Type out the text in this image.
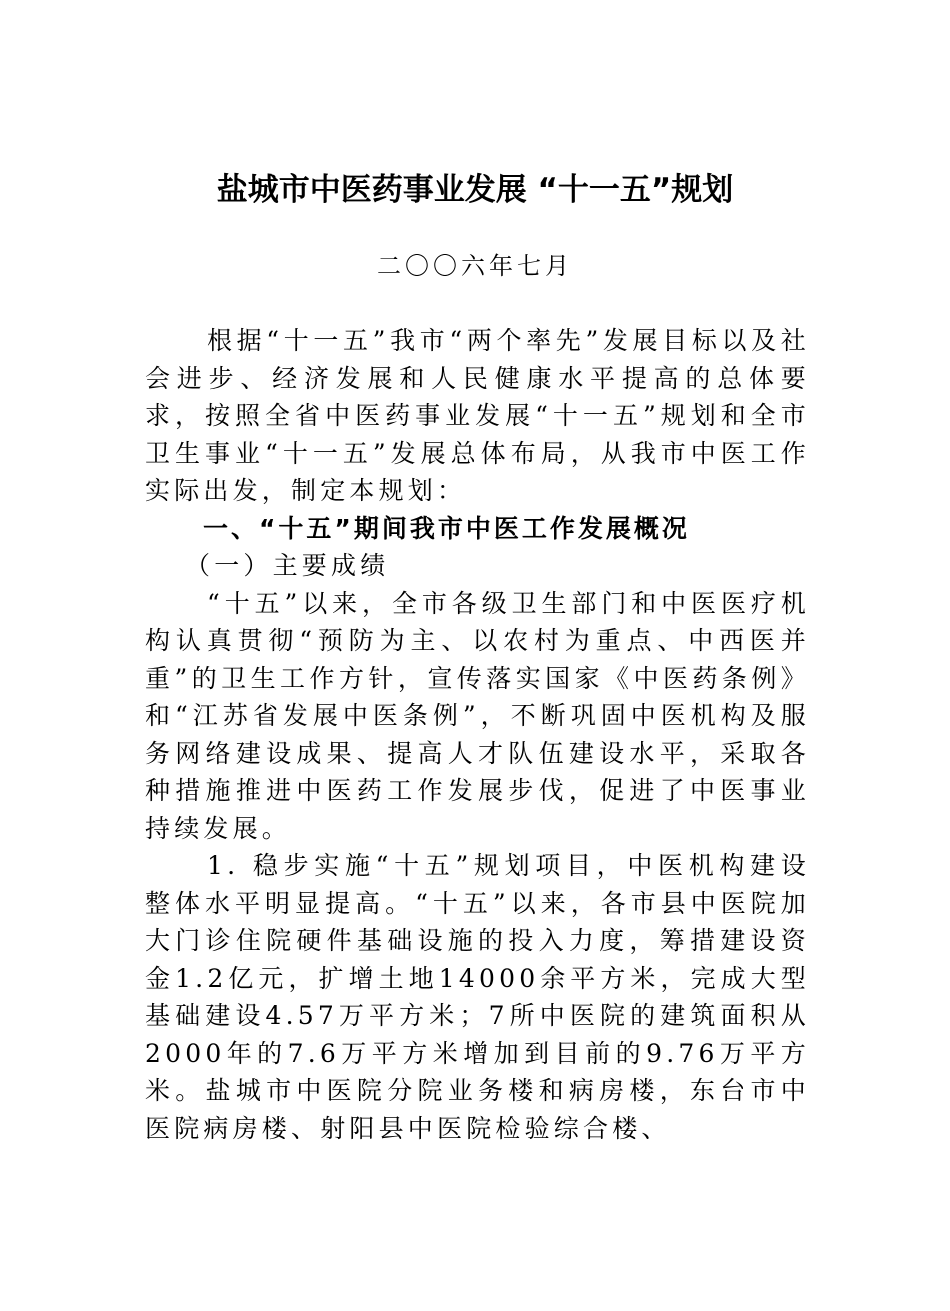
盐城市中医药事业发展 “十一五”规划
二〇〇六年七月

根据“十一五”我市“两个率先”发展目标以及社会进步、经济发展和人民健康水平提高的总体要求，按照全省中医药事业发展“十一五”规划和全市卫生事业“十一五”发展总体布局，从我市中医工作实际出发，制定本规划：

一、“十五”期间我市中医工作发展概况

（一）主要成绩

“十五”以来，全市各级卫生部门和中医医疗机构认真贯彻“预防为主、以农村为重点、中西医并重”的卫生工作方针，宣传落实国家《中医药条例》和“江苏省发展中医条例”，不断巩固中医机构及服务网络建设成果、提高人才队伍建设水平，采取各种措施推进中医药工作发展步伐，促进了中医事业持续发展。

1. 稳步实施“十五”规划项目，中医机构建设整体水平明显提高。“十五”以来，各市县中医院加大门诊住院硬件基础设施的投入力度，筹措建设资金1.2亿元，扩增土地14000余平方米，完成大型基础建设4.57万平方米；7所中医院的建筑面积从2000年的7.6万平方米增加到目前的9.76万平方米。盐城市中医院分院业务楼和病房楼，东台市中医院病房楼、射阳县中医院检验综合楼、
